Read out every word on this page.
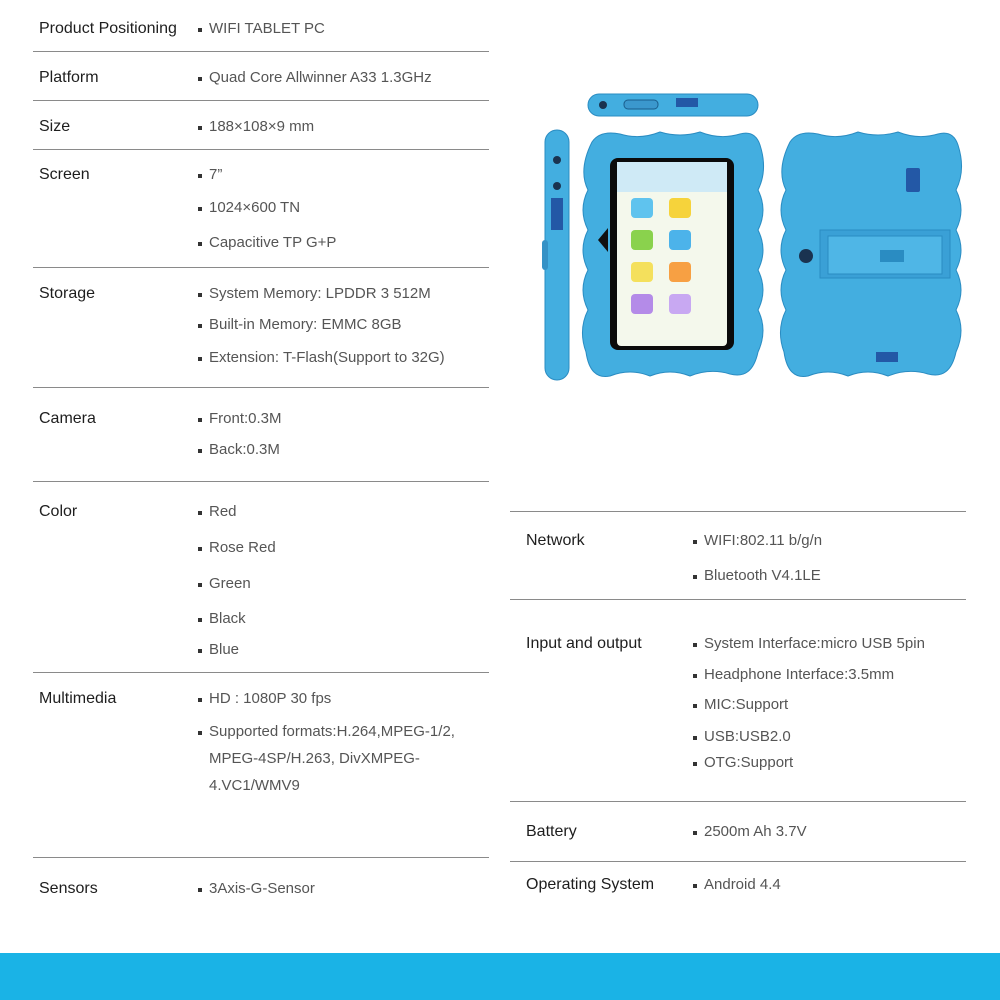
Product Positioning WIFI TABLET PC
Platform	Quad Core Allwinner A33 1.3GHz
Size	188×108×9 mm
Screen	7”
1024×600 TN
Capacitive TP G+P
Storage	System Memory: LPDDR 3 512M
Built-in Memory: EMMC 8GB
Extension: T-Flash(Support to 32G)
Camera	Front:0.3M
Back:0.3M
Color	Red
Rose Red
Green
Black
Blue
Multimedia	HD : 1080P 30 fps
Supported formats:H.264,MPEG-1/2, MPEG-4SP/H.263, DivXMPEG-4.VC1/WMV9
Sensors	3Axis-G-Sensor
Network	WIFI:802.11 b/g/n
Bluetooth V4.1LE
Input and output	System Interface:micro USB 5pin
Headphone Interface:3.5mm
MIC:Support
USB:USB2.0
OTG:Support
Battery	2500m Ah 3.7V
Operating System	Android 4.4
